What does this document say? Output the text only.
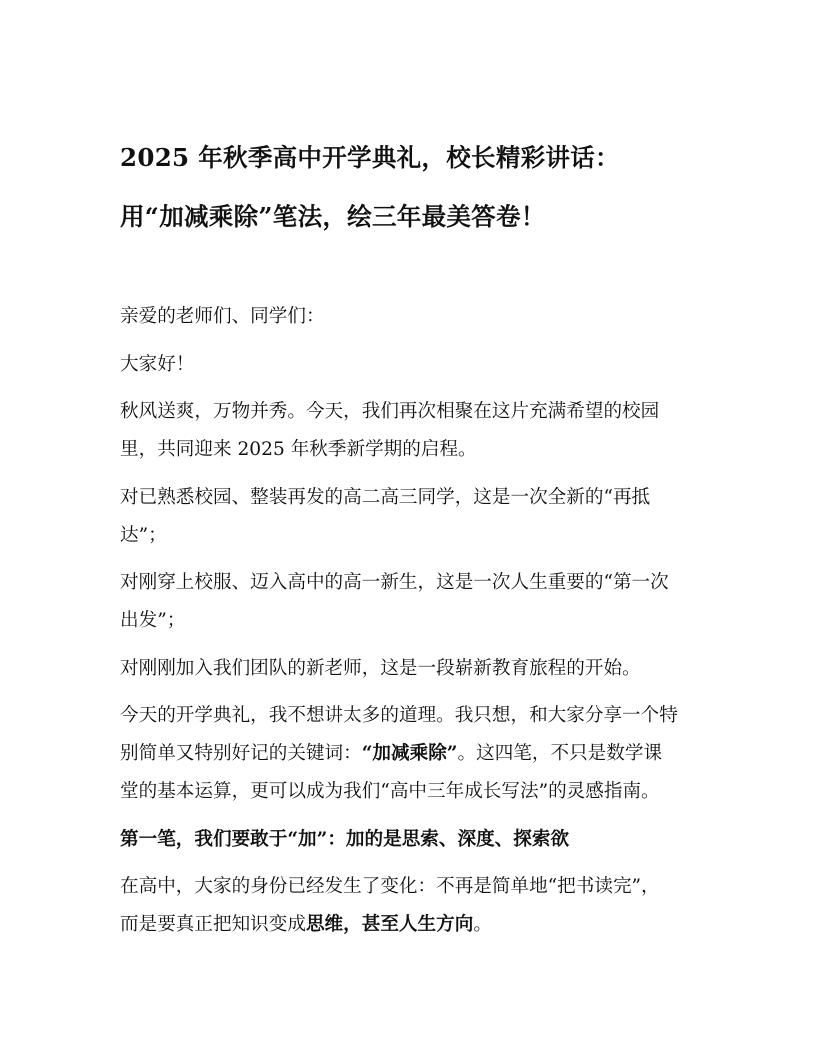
2025 年秋季高中开学典礼，校长精彩讲话：
用“加减乘除”笔法，绘三年最美答卷！

亲爱的老师们、同学们：

大家好！

秋风送爽，万物并秀。今天，我们再次相聚在这片充满希望的校园
里，共同迎来 2025 年秋季新学期的启程。

对已熟悉校园、整装再发的高二高三同学，这是一次全新的“再抵
达”；

对刚穿上校服、迈入高中的高一新生，这是一次人生重要的“第一次
出发”；

对刚刚加入我们团队的新老师，这是一段崭新教育旅程的开始。

今天的开学典礼，我不想讲太多的道理。我只想，和大家分享一个特
别简单又特别好记的关键词：“加减乘除”。这四笔，不只是数学课
堂的基本运算，更可以成为我们“高中三年成长写法”的灵感指南。

第一笔，我们要敢于“加”：加的是思索、深度、探索欲

在高中，大家的身份已经发生了变化：不再是简单地“把书读完”，
而是要真正把知识变成思维，甚至人生方向。
